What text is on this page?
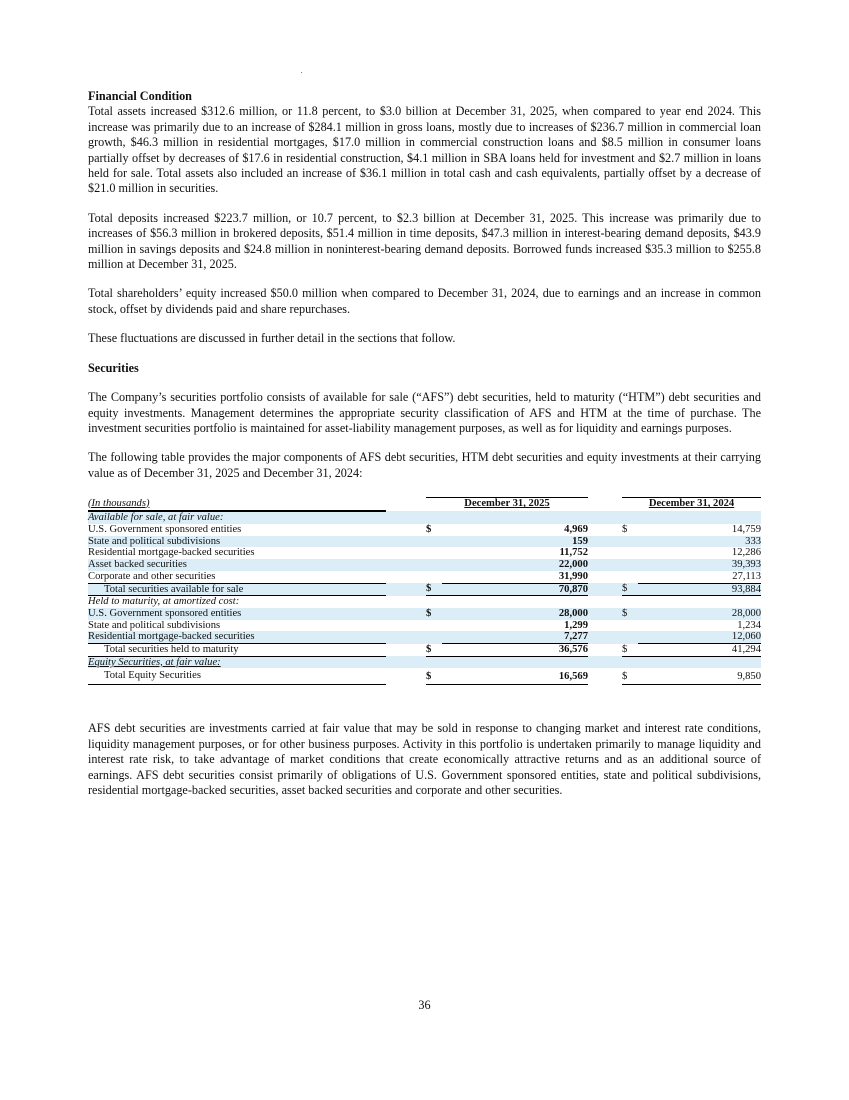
Financial Condition

Total assets increased $312.6 million, or 11.8 percent, to $3.0 billion at December 31, 2025, when compared to year end 2024. This increase was primarily due to an increase of $284.1 million in gross loans, mostly due to increases of $236.7 million in commercial loan growth, $46.3 million in residential mortgages, $17.0 million in commercial construction loans and $8.5 million in consumer loans partially offset by decreases of $17.6 in residential construction, $4.1 million in SBA loans held for investment and $2.7 million in loans held for sale. Total assets also included an increase of $36.1 million in total cash and cash equivalents, partially offset by a decrease of $21.0 million in securities.

Total deposits increased $223.7 million, or 10.7 percent, to $2.3 billion at December 31, 2025. This increase was primarily due to increases of $56.3 million in brokered deposits, $51.4 million in time deposits, $47.3 million in interest-bearing demand deposits, $43.9 million in savings deposits and $24.8 million in noninterest-bearing demand deposits. Borrowed funds increased $35.3 million to $255.8 million at December 31, 2025.

Total shareholders’ equity increased $50.0 million when compared to December 31, 2024, due to earnings and an increase in common stock, offset by dividends paid and share repurchases.

These fluctuations are discussed in further detail in the sections that follow.

Securities

The Company’s securities portfolio consists of available for sale (“AFS”) debt securities, held to maturity (“HTM”) debt securities and equity investments. Management determines the appropriate security classification of AFS and HTM at the time of purchase. The investment securities portfolio is maintained for asset-liability management purposes, as well as for liquidity and earnings purposes.

The following table provides the major components of AFS debt securities, HTM debt securities and equity investments at their carrying value as of December 31, 2025 and December 31, 2024:

(In thousands)		December 31, 2025			December 31, 2024	
Available for sale, at fair value:						
U.S. Government sponsored entities		$	4,969		$	14,759
State and political subdivisions			159			333
Residential mortgage-backed securities			11,752			12,286
Asset backed securities			22,000			39,393
Corporate and other securities			31,990			27,113
Total securities available for sale		$	70,870		$	93,884
Held to maturity, at amortized cost:						
U.S. Government sponsored entities		$	28,000		$	28,000
State and political subdivisions			1,299			1,234
Residential mortgage-backed securities			7,277			12,060
Total securities held to maturity		$	36,576		$	41,294
Equity Securities, at fair value:						
Total Equity Securities		$	16,569		$	9,850

AFS debt securities are investments carried at fair value that may be sold in response to changing market and interest rate conditions, liquidity management purposes, or for other business purposes. Activity in this portfolio is undertaken primarily to manage liquidity and interest rate risk, to take advantage of market conditions that create economically attractive returns and as an additional source of earnings. AFS debt securities consist primarily of obligations of U.S. Government sponsored entities, state and political subdivisions, residential mortgage-backed securities, asset backed securities and corporate and other securities.

36
